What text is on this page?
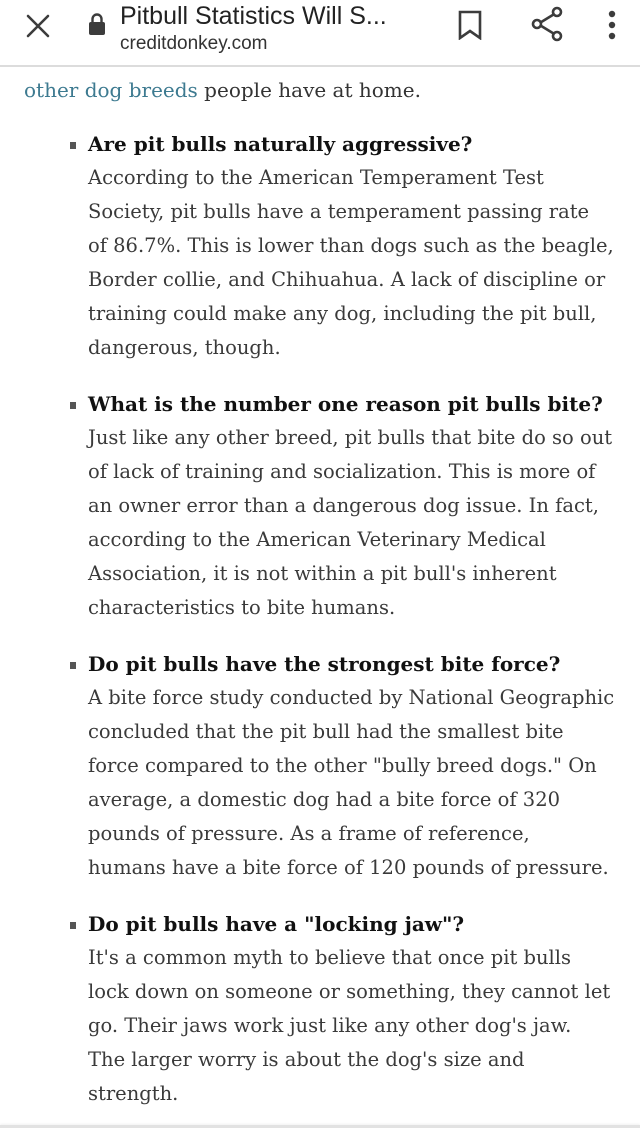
Pitbull Statistics Will S...
creditdonkey.com

other dog breeds people have at home.

Are pit bulls naturally aggressive?
According to the American Temperament Test
Society, pit bulls have a temperament passing rate
of 86.7%. This is lower than dogs such as the beagle,
Border collie, and Chihuahua. A lack of discipline or
training could make any dog, including the pit bull,
dangerous, though.
What is the number one reason pit bulls bite?
Just like any other breed, pit bulls that bite do so out
of lack of training and socialization. This is more of
an owner error than a dangerous dog issue. In fact,
according to the American Veterinary Medical
Association, it is not within a pit bull's inherent
characteristics to bite humans.
Do pit bulls have the strongest bite force?
A bite force study conducted by National Geographic
concluded that the pit bull had the smallest bite
force compared to the other "bully breed dogs." On
average, a domestic dog had a bite force of 320
pounds of pressure. As a frame of reference,
humans have a bite force of 120 pounds of pressure.
Do pit bulls have a "locking jaw"?
It's a common myth to believe that once pit bulls
lock down on someone or something, they cannot let
go. Their jaws work just like any other dog's jaw.
The larger worry is about the dog's size and
strength.
